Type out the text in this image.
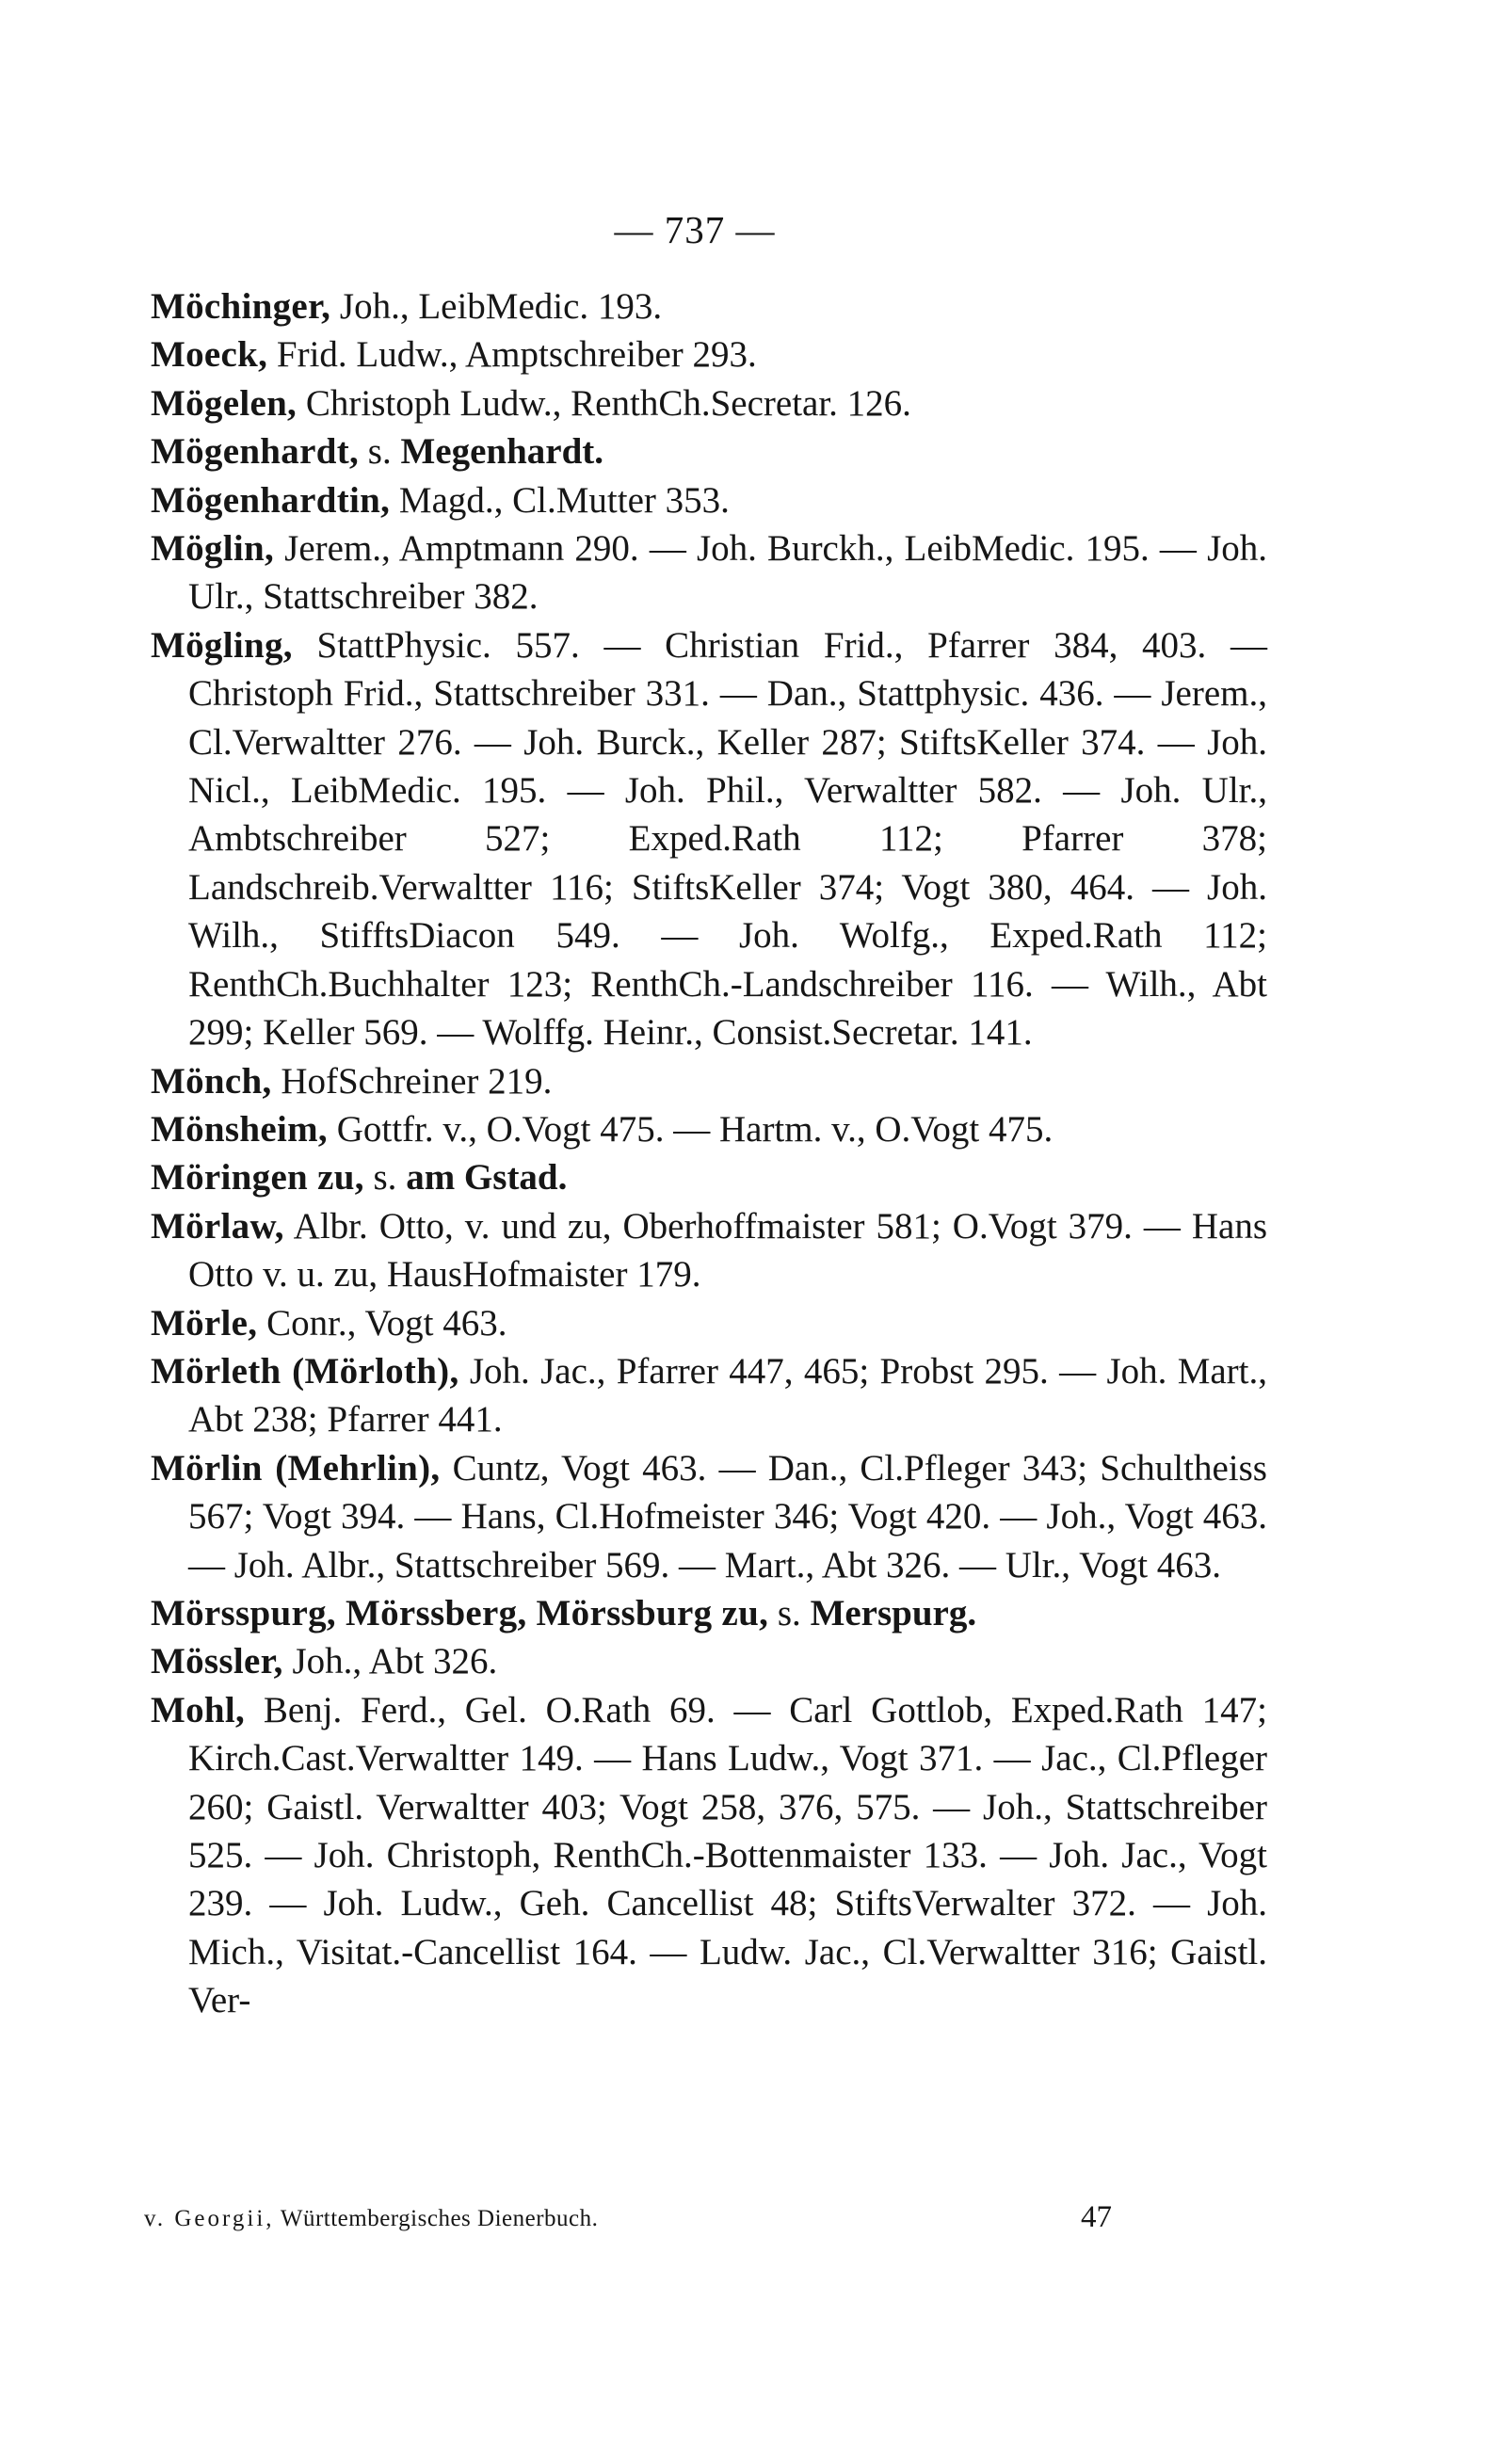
— 737 —
Möchinger, Joh., LeibMedic. 193.
Moeck, Frid. Ludw., Amptschreiber 293.
Mögelen, Christoph Ludw., RenthCh.Secretar. 126.
Mögenhardt, s. Megenhardt.
Mögenhardtin, Magd., Cl.Mutter 353.
Möglin, Jerem., Amptmann 290. — Joh. Burckh., LeibMedic. 195. — Joh. Ulr., Stattschreiber 382.
Mögling, StattPhysic. 557. — Christian Frid., Pfarrer 384, 403. — Christoph Frid., Stattschreiber 331. — Dan., Stattphysic. 436. — Jerem., Cl.Verwaltter 276. — Joh. Burck., Keller 287; StiftsKeller 374. — Joh. Nicl., LeibMedic. 195. — Joh. Phil., Verwaltter 582. — Joh. Ulr., Ambtschreiber 527; Exped.Rath 112; Pfarrer 378; Landschreib.Verwaltter 116; StiftsKeller 374; Vogt 380, 464. — Joh. Wilh., StifftsDiacon 549. — Joh. Wolfg., Exped.Rath 112; RenthCh.Buchhalter 123; RenthCh.-Landschreiber 116. — Wilh., Abt 299; Keller 569. — Wolffg. Heinr., Consist.Secretar. 141.
Mönch, HofSchreiner 219.
Mönsheim, Gottfr. v., O.Vogt 475. — Hartm. v., O.Vogt 475.
Möringen zu, s. am Gstad.
Mörlaw, Albr. Otto, v. und zu, Oberhoffmaister 581; O.Vogt 379. — Hans Otto v. u. zu, HausHofmaister 179.
Mörle, Conr., Vogt 463.
Mörleth (Mörloth), Joh. Jac., Pfarrer 447, 465; Probst 295. — Joh. Mart., Abt 238; Pfarrer 441.
Mörlin (Mehrlin), Cuntz, Vogt 463. — Dan., Cl.Pfleger 343; Schultheiss 567; Vogt 394. — Hans, Cl.Hofmeister 346; Vogt 420. — Joh., Vogt 463. — Joh. Albr., Stattschreiber 569. — Mart., Abt 326. — Ulr., Vogt 463.
Mörsspurg, Mörssberg, Mörssburg zu, s. Merspurg.
Mössler, Joh., Abt 326.
Mohl, Benj. Ferd., Gel. O.Rath 69. — Carl Gottlob, Exped.Rath 147; Kirch.Cast.Verwaltter 149. — Hans Ludw., Vogt 371. — Jac., Cl.Pfleger 260; Gaistl. Verwaltter 403; Vogt 258, 376, 575. — Joh., Stattschreiber 525. — Joh. Christoph, RenthCh.-Bottenmaister 133. — Joh. Jac., Vogt 239. — Joh. Ludw., Geh. Cancellist 48; StiftsVerwalter 372. — Joh. Mich., Visitat.-Cancellist 164. — Ludw. Jac., Cl.Verwaltter 316; Gaistl. Ver-
v. Georgii, Württembergisches Dienerbuch.	47
